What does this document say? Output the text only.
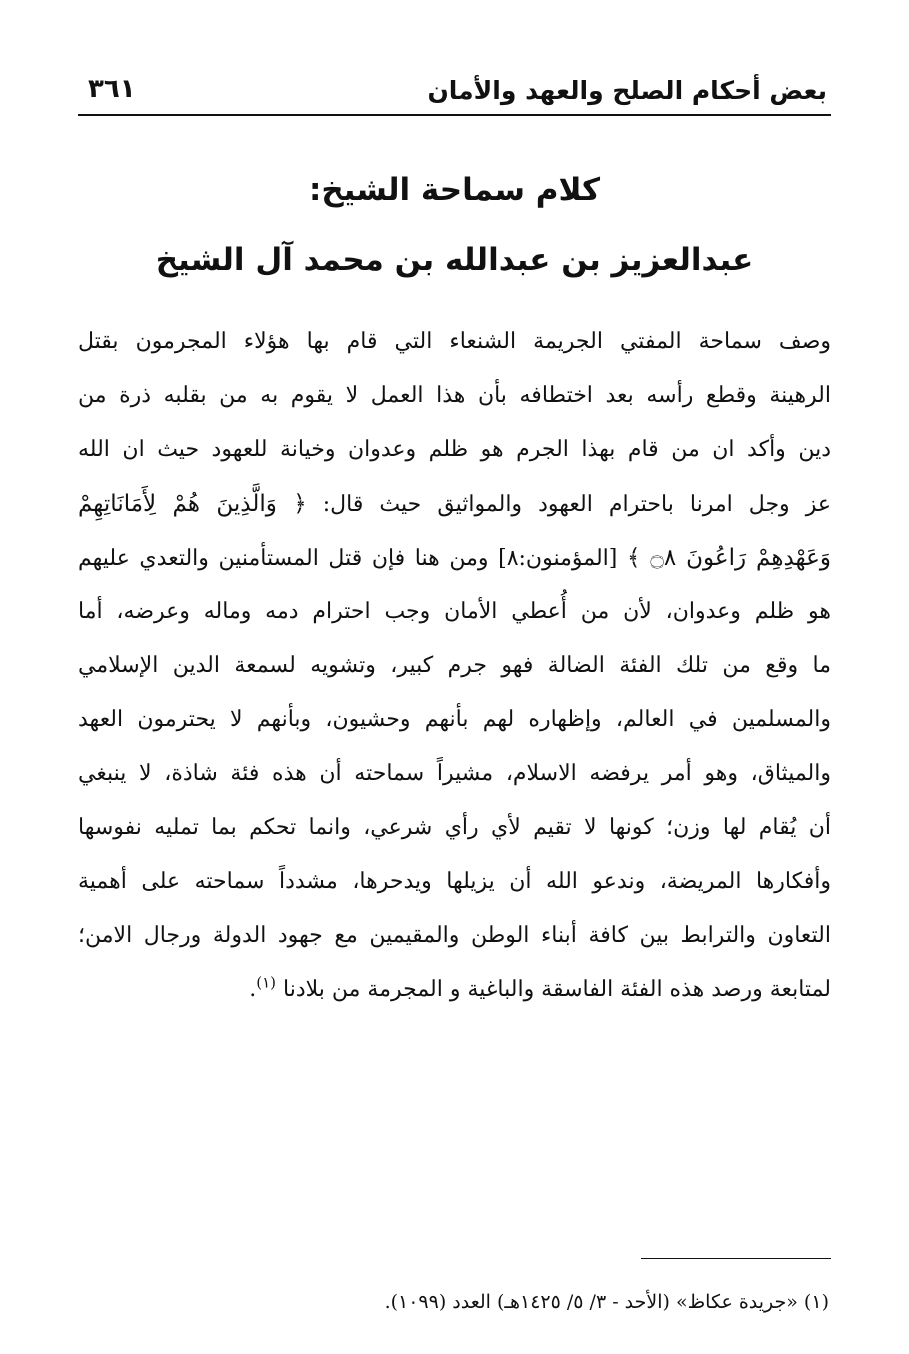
بعض أحكام الصلح والعهد والأمان
٣٦١
كلام سماحة الشيخ:
عبدالعزيز بن عبدالله بن محمد آل الشيخ
وصف سماحة المفتي الجريمة الشنعاء التي قام بها هؤلاء المجرمون بقتل
الرهينة وقطع رأسه بعد اختطافه بأن هذا العمل لا يقوم به من بقلبه ذرة من
دين وأكد ان من قام بهذا الجرم هو ظلم وعدوان وخيانة للعهود حيث ان الله
عز وجل امرنا باحترام العهود والمواثيق حيث قال: ﴿ وَالَّذِينَ هُمْ لِأَمَانَاتِهِمْ
وَعَهْدِهِمْ رَاعُونَ ۝٨ ﴾ [المؤمنون:٨] ومن هنا فإن قتل المستأمنين والتعدي عليهم
هو ظلم وعدوان، لأن من أُعطي الأمان وجب احترام دمه وماله وعرضه، أما
ما وقع من تلك الفئة الضالة فهو جرم كبير، وتشويه لسمعة الدين الإسلامي
والمسلمين في العالم، وإظهاره لهم بأنهم وحشيون، وبأنهم لا يحترمون العهد
والميثاق، وهو أمر يرفضه الاسلام، مشيراً سماحته أن هذه فئة شاذة، لا ينبغي
أن يُقام لها وزن؛ كونها لا تقيم لأي رأي شرعي، وانما تحكم بما تمليه نفوسها
وأفكارها المريضة، وندعو الله أن يزيلها ويدحرها، مشدداً سماحته على أهمية
التعاون والترابط بين كافة أبناء الوطن والمقيمين مع جهود الدولة ورجال الامن؛
لمتابعة ورصد هذه الفئة الفاسقة والباغية و المجرمة من بلادنا $^{(١)}$.
(١) «جريدة عكاظ» (الأحد - ٣/ ٥/ ١٤٢٥هـ) العدد (١٠٩٩).
